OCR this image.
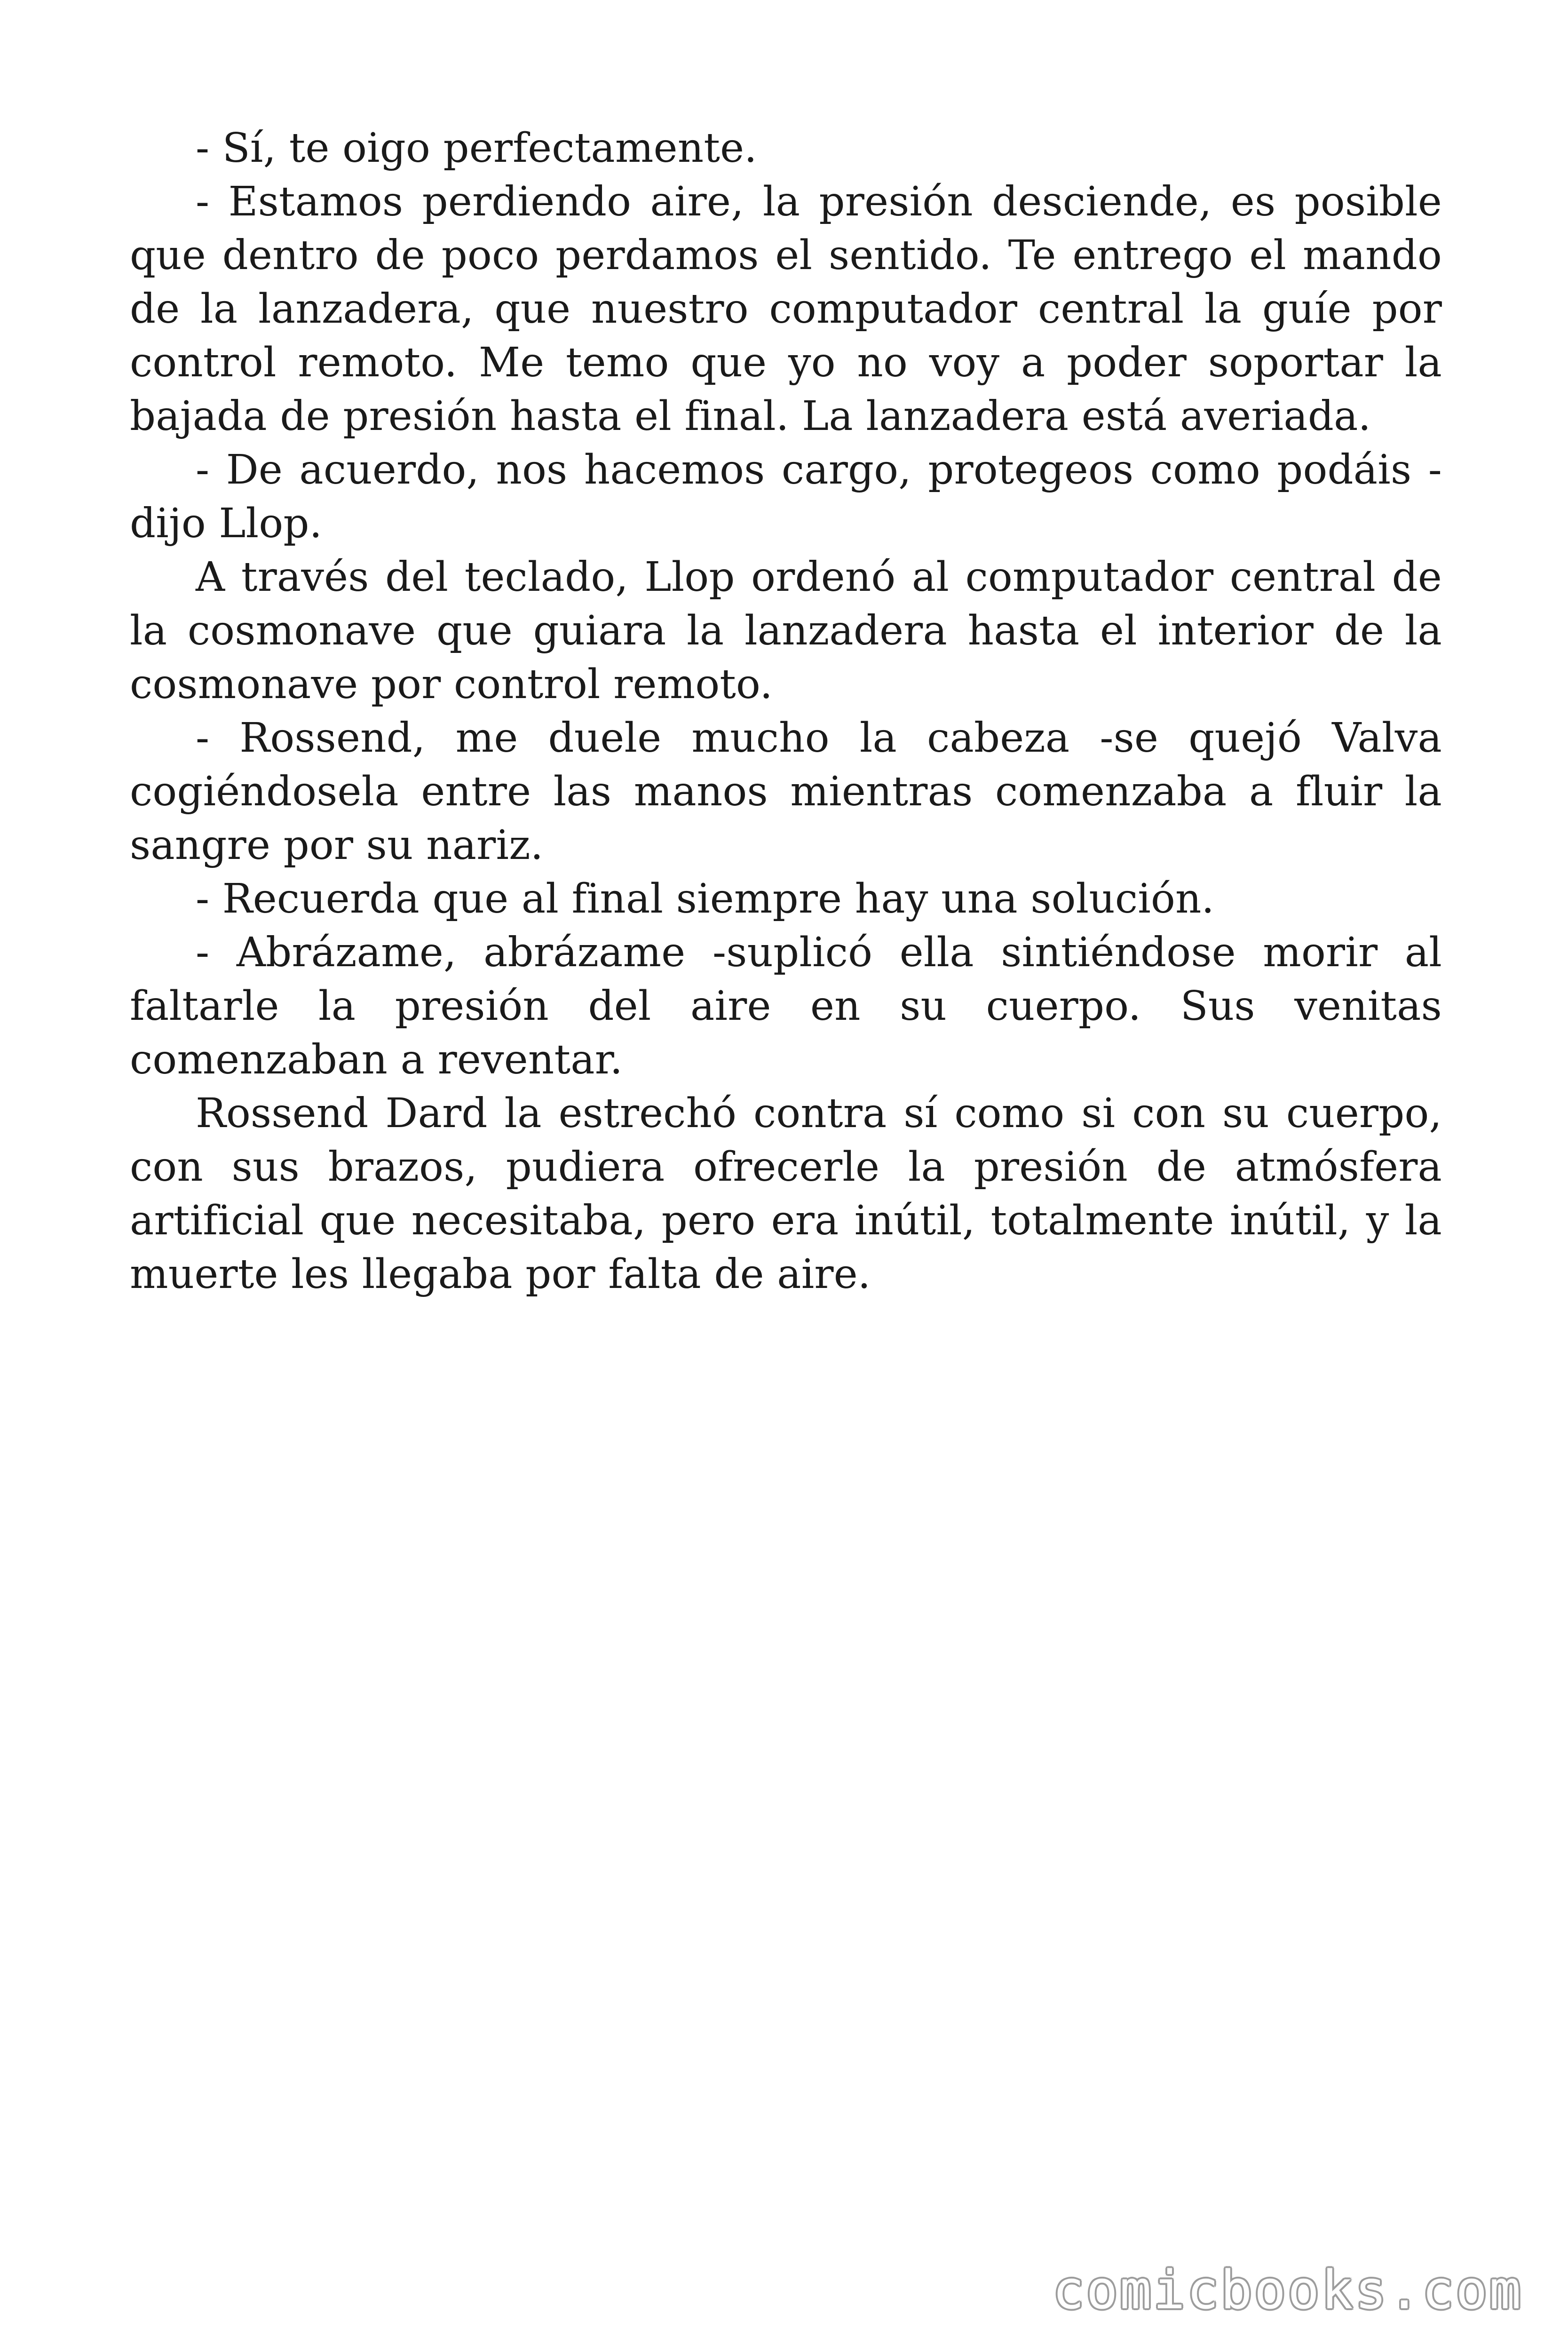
- Sí, te oigo perfectamente.

- Estamos perdiendo aire, la presión desciende, es posible que dentro de poco perdamos el sentido. Te entrego el mando de la lanzadera, que nuestro computador central la guíe por control remoto. Me temo que yo no voy a poder soportar la bajada de presión hasta el final. La lanzadera está averiada.

- De acuerdo, nos hacemos cargo, protegeos como podáis -dijo Llop.

A través del teclado, Llop ordenó al computador central de la cosmonave que guiara la lanzadera hasta el interior de la cosmonave por control remoto.

- Rossend, me duele mucho la cabeza -se quejó Valva cogiéndosela entre las manos mientras comenzaba a fluir la sangre por su nariz.

- Recuerda que al final siempre hay una solución.

- Abrázame, abrázame -suplicó ella sintiéndose morir al faltarle la presión del aire en su cuerpo. Sus venitas comenzaban a reventar.

Rossend Dard la estrechó contra sí como si con su cuerpo, con sus brazos, pudiera ofrecerle la presión de atmósfera artificial que necesitaba, pero era inútil, totalmente inútil, y la muerte les llegaba por falta de aire.

comicbooks.com
